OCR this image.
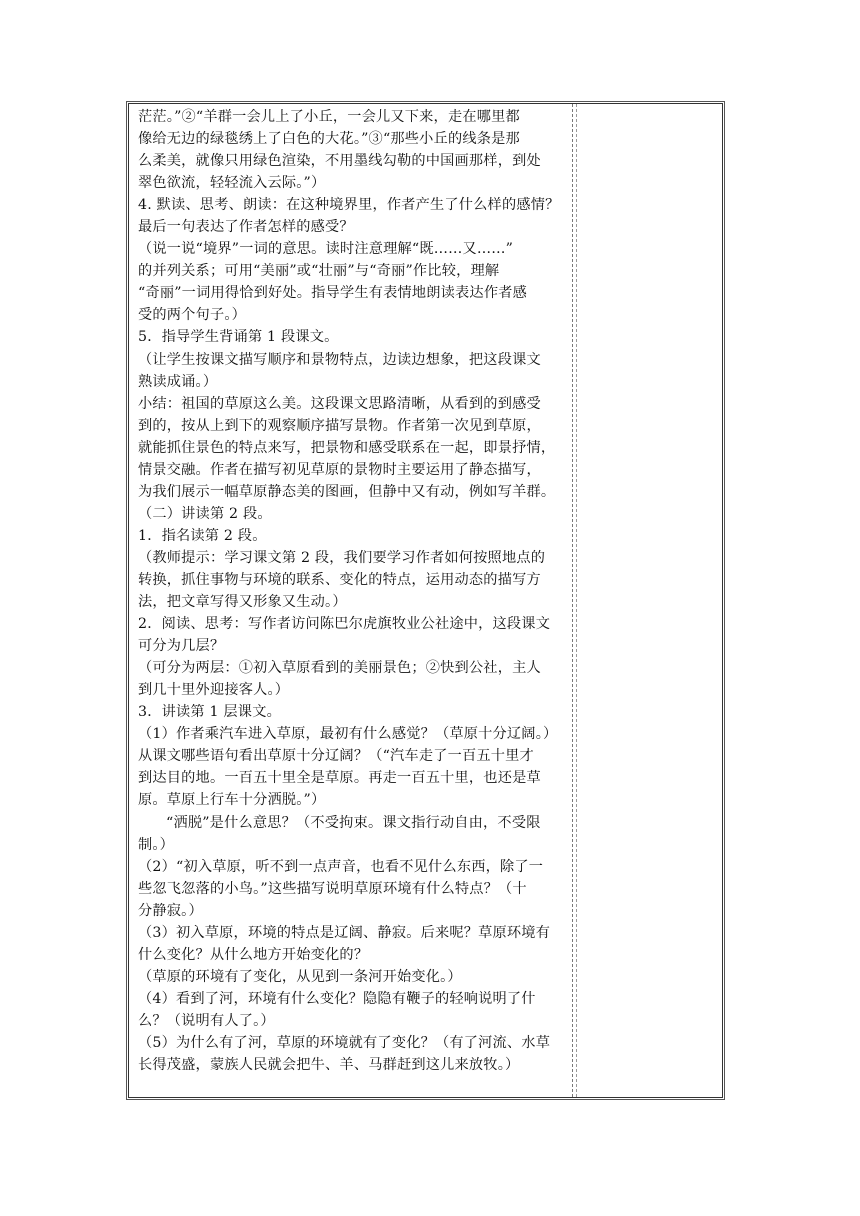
茫茫。”②“羊群一会儿上了小丘，一会儿又下来，走在哪里都
像给无边的绿毯绣上了白色的大花。”③“那些小丘的线条是那
么柔美，就像只用绿色渲染，不用墨线勾勒的中国画那样，到处
翠色欲流，轻轻流入云际。”）
4. 默读、思考、朗读：在这种境界里，作者产生了什么样的感情？
最后一句表达了作者怎样的感受？
（说一说“境界”一词的意思。读时注意理解“既……又……”
的并列关系；可用“美丽”或“壮丽”与“奇丽”作比较，理解
“奇丽”一词用得恰到好处。指导学生有表情地朗读表达作者感
受的两个句子。）
5．指导学生背诵第 1 段课文。
（让学生按课文描写顺序和景物特点，边读边想象，把这段课文
熟读成诵。）
小结：祖国的草原这么美。这段课文思路清晰，从看到的到感受
到的，按从上到下的观察顺序描写景物。作者第一次见到草原，
就能抓住景色的特点来写，把景物和感受联系在一起，即景抒情，
情景交融。作者在描写初见草原的景物时主要运用了静态描写，
为我们展示一幅草原静态美的图画，但静中又有动，例如写羊群。
（二）讲读第 2 段。
1．指名读第 2 段。
（教师提示：学习课文第 2 段，我们要学习作者如何按照地点的
转换，抓住事物与环境的联系、变化的特点，运用动态的描写方
法，把文章写得又形象又生动。）
2．阅读、思考：写作者访问陈巴尔虎旗牧业公社途中，这段课文
可分为几层？
（可分为两层：①初入草原看到的美丽景色；②快到公社，主人
到几十里外迎接客人。）
3．讲读第 1 层课文。
（1）作者乘汽车进入草原，最初有什么感觉？（草原十分辽阔。）
从课文哪些语句看出草原十分辽阔？（“汽车走了一百五十里才
到达目的地。一百五十里全是草原。再走一百五十里，也还是草
原。草原上行车十分洒脱。”）
“洒脱”是什么意思？（不受拘束。课文指行动自由，不受限
制。）
（2）“初入草原，听不到一点声音，也看不见什么东西，除了一
些忽飞忽落的小鸟。”这些描写说明草原环境有什么特点？（十
分静寂。）
（3）初入草原，环境的特点是辽阔、静寂。后来呢？草原环境有
什么变化？从什么地方开始变化的？
（草原的环境有了变化，从见到一条河开始变化。）
（4）看到了河，环境有什么变化？隐隐有鞭子的轻响说明了什
么？（说明有人了。）
（5）为什么有了河，草原的环境就有了变化？（有了河流、水草
长得茂盛，蒙族人民就会把牛、羊、马群赶到这儿来放牧。）
